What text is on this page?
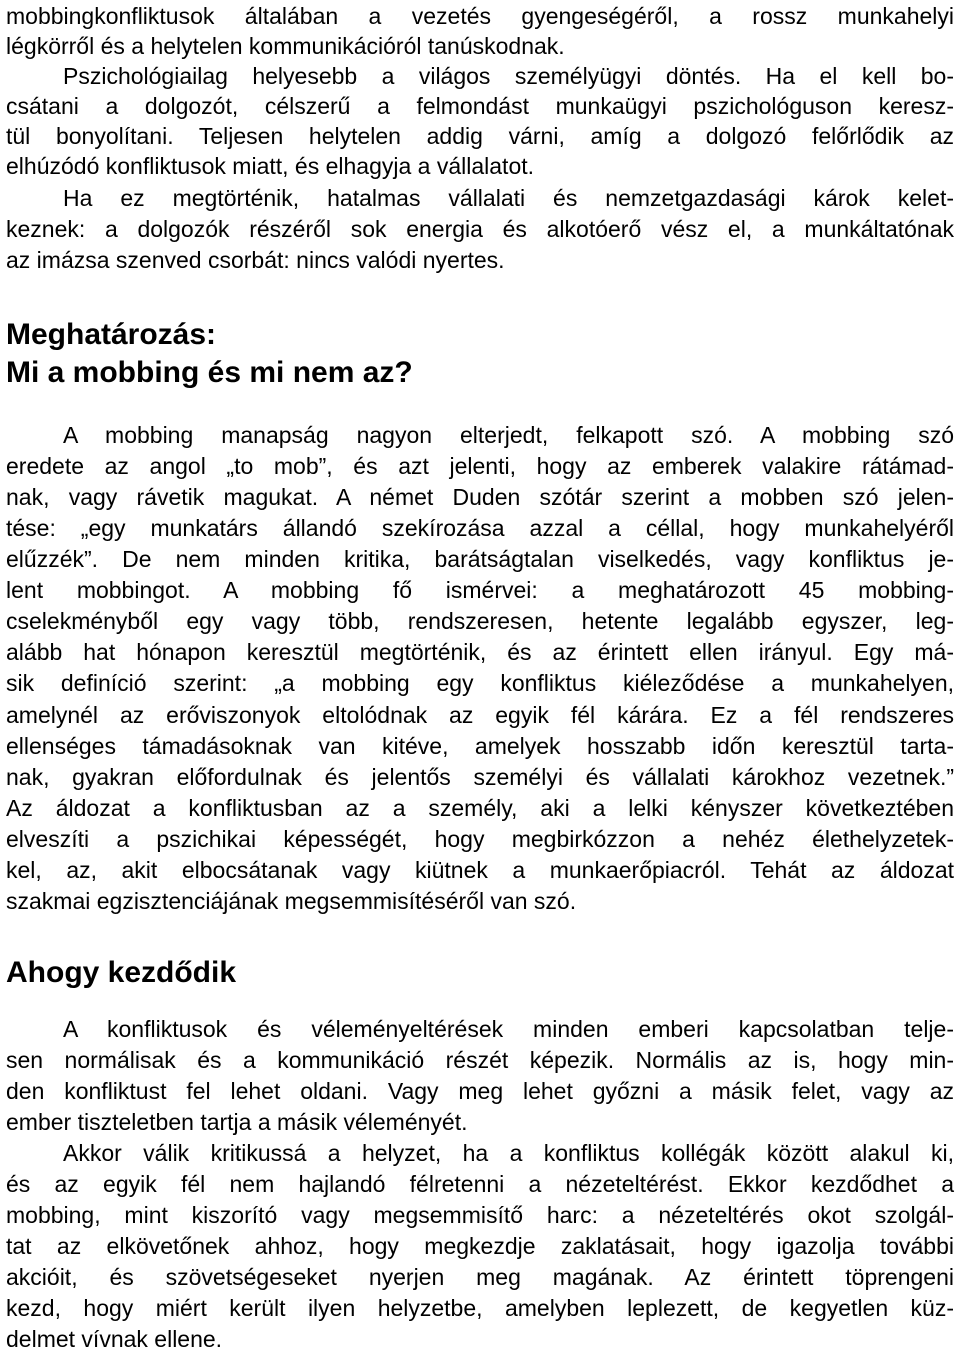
mobbingkonfliktusok általában a vezetés gyengeségéről, a rossz munkahelyi
légkörről és a helytelen kommunikációról tanúskodnak.
Pszichológiailag helyesebb a világos személyügyi döntés. Ha el kell bo-
csátani a dolgozót, célszerű a felmondást munkaügyi pszichológuson keresz-
tül bonyolítani. Teljesen helytelen addig várni, amíg a dolgozó felőrlődik az
elhúzódó konfliktusok miatt, és elhagyja a vállalatot.
Ha ez megtörténik, hatalmas vállalati és nemzetgazdasági károk kelet-
keznek: a dolgozók részéről sok energia és alkotóerő vész el, a munkáltatónak
az imázsa szenved csorbát: nincs valódi nyertes.
Meghatározás:
Mi a mobbing és mi nem az?
A mobbing manapság nagyon elterjedt, felkapott szó. A mobbing szó
eredete az angol „to mob”, és azt jelenti, hogy az emberek valakire rátámad-
nak, vagy rávetik magukat. A német Duden szótár szerint a mobben szó jelen-
tése: „egy munkatárs állandó szekírozása azzal a céllal, hogy munkahelyéről
elűzzék”. De nem minden kritika, barátságtalan viselkedés, vagy konfliktus je-
lent mobbingot. A mobbing fő ismérvei: a meghatározott 45 mobbing-
cselekményből egy vagy több, rendszeresen, hetente legalább egyszer, leg-
alább hat hónapon keresztül megtörténik, és az érintett ellen irányul. Egy má-
sik definíció szerint: „a mobbing egy konfliktus kiéleződése a munkahelyen,
amelynél az erőviszonyok eltolódnak az egyik fél kárára. Ez a fél rendszeres
ellenséges támadásoknak van kitéve, amelyek hosszabb időn keresztül tarta-
nak, gyakran előfordulnak és jelentős személyi és vállalati károkhoz vezetnek.”
Az áldozat a konfliktusban az a személy, aki a lelki kényszer következtében
elveszíti a pszichikai képességét, hogy megbirkózzon a nehéz élethelyzetek-
kel, az, akit elbocsátanak vagy kiütnek a munkaerőpiacról. Tehát az áldozat
szakmai egzisztenciájának megsemmisítéséről van szó.
Ahogy kezdődik
A konfliktusok és véleményeltérések minden emberi kapcsolatban telje-
sen normálisak és a kommunikáció részét képezik. Normális az is, hogy min-
den konfliktust fel lehet oldani. Vagy meg lehet győzni a másik felet, vagy az
ember tiszteletben tartja a másik véleményét.
Akkor válik kritikussá a helyzet, ha a konfliktus kollégák között alakul ki,
és az egyik fél nem hajlandó félretenni a nézeteltérést. Ekkor kezdődhet a
mobbing, mint kiszorító vagy megsemmisítő harc: a nézeteltérés okot szolgál-
tat az elkövetőnek ahhoz, hogy megkezdje zaklatásait, hogy igazolja további
akcióit, és szövetségeseket nyerjen meg magának. Az érintett töprengeni
kezd, hogy miért került ilyen helyzetbe, amelyben leplezett, de kegyetlen küz-
delmet vívnak ellene.
